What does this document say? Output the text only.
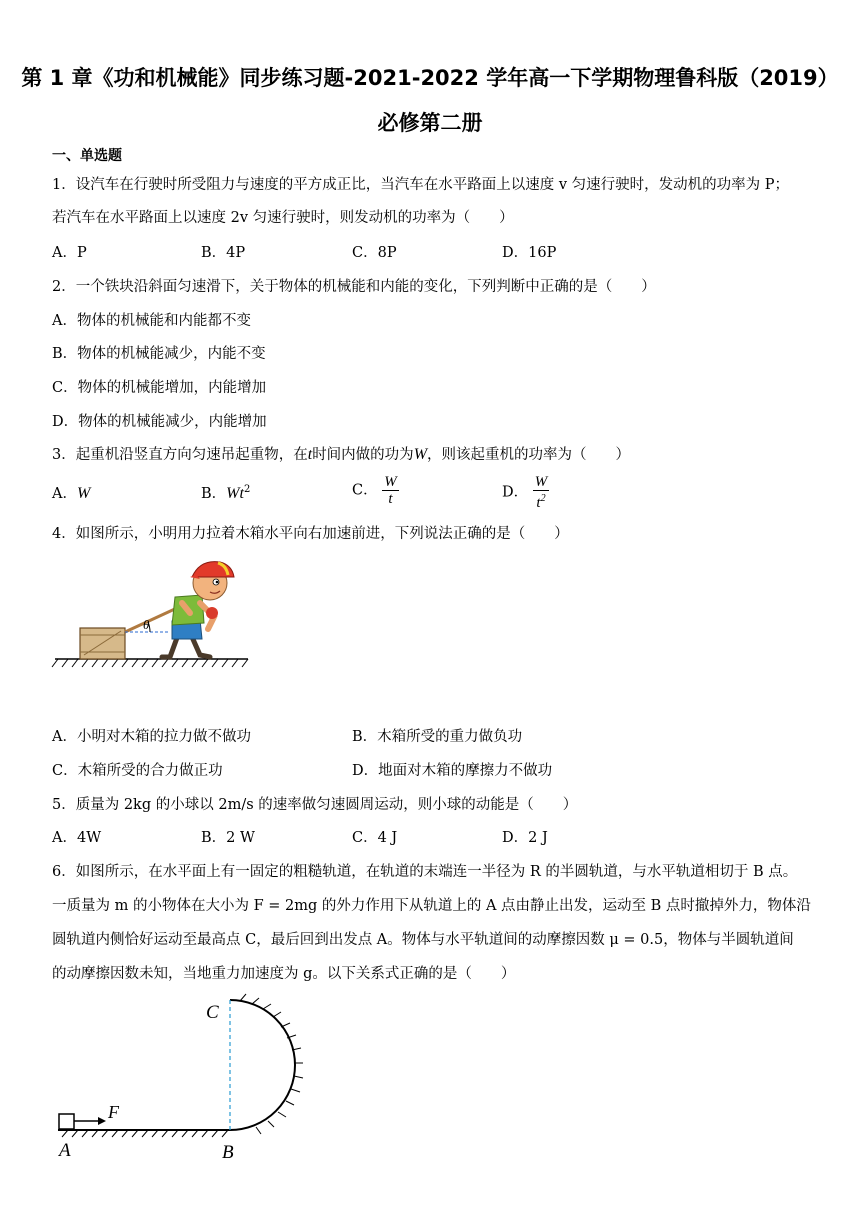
第 1 章《功和机械能》同步练习题-2021-2022 学年高一下学期物理鲁科版（2019）
必修第二册
一、单选题
1．设汽车在行驶时所受阻力与速度的平方成正比，当汽车在水平路面上以速度 v 匀速行驶时，发动机的功率为 P；
若汽车在水平路面上以速度 2v 匀速行驶时，则发动机的功率为（　　）
A．P	B．4P	C．8P	D．16P
2．一个铁块沿斜面匀速滑下，关于物体的机械能和内能的变化，下列判断中正确的是（　　）
A．物体的机械能和内能都不变
B．物体的机械能减少，内能不变
C．物体的机械能增加，内能增加
D．物体的机械能减少，内能增加
3．起重机沿竖直方向匀速吊起重物，在t时间内做的功为W，则该起重机的功率为（　　）
A．W	B．Wt$^2$	C． $\frac{W}{t}$	D． $\frac{W}{t^2}$
4．如图所示，小明用力拉着木箱水平向右加速前进，下列说法正确的是（　　）
θ
A．小明对木箱的拉力做不做功	B．木箱所受的重力做负功
C．木箱所受的合力做正功	D．地面对木箱的摩擦力不做功
5．质量为 2kg 的小球以 2m/s 的速率做匀速圆周运动，则小球的动能是（　　）
A．4W	B．2 W	C．4 J	D．2 J
6．如图所示，在水平面上有一固定的粗糙轨道，在轨道的末端连一半径为 R 的半圆轨道，与水平轨道相切于 B 点。
一质量为 m 的小物体在大小为 F = 2mg 的外力作用下从轨道上的 A 点由静止出发，运动至 B 点时撤掉外力，物体沿
圆轨道内侧恰好运动至最高点 C，最后回到出发点 A。物体与水平轨道间的动摩擦因数 μ = 0.5，物体与半圆轨道间
的动摩擦因数未知，当地重力加速度为 g。以下关系式正确的是（　　）
F
A	B
C
